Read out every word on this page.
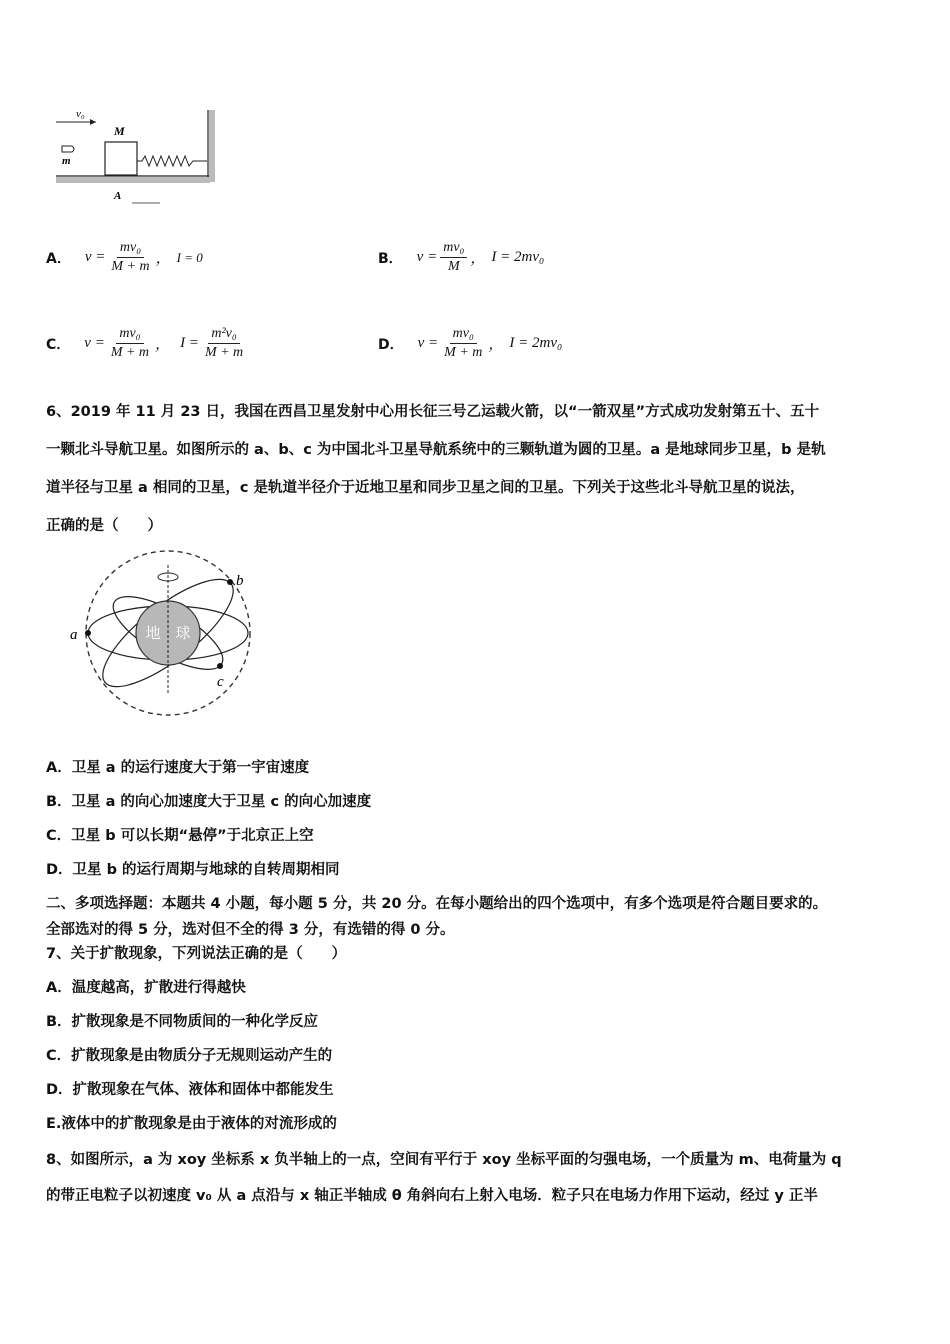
v₀
M
m
A
A． $v = \frac{\text{mv₀}}{M + m}$ ， I = 0	B． $v = \frac{\text{mv₀}}{M}$ ， I = 2mv₀
C． $v = \frac{\text{mv₀}}{M + m}$ ， $I = \frac{\text{m²v₀}}{M + m}$	D． $v = \frac{\text{mv₀}}{M + m}$ ， I = 2mv₀
6、2019 年 11 月 23 日，我国在西昌卫星发射中心用长征三号乙运载火箭，以“一箭双星”方式成功发射第五十、五十
一颗北斗导航卫星。如图所示的 a、b、c 为中国北斗卫星导航系统中的三颗轨道为圆的卫星。a 是地球同步卫星，b 是轨
道半径与卫星 a 相同的卫星，c 是轨道半径介于近地卫星和同步卫星之间的卫星。下列关于这些北斗导航卫星的说法，
正确的是（　　）
地　球
a
b
c
A．卫星 a 的运行速度大于第一宇宙速度
B．卫星 a 的向心加速度大于卫星 c 的向心加速度
C．卫星 b 可以长期“悬停”于北京正上空
D．卫星 b 的运行周期与地球的自转周期相同
二、多项选择题：本题共 4 小题，每小题 5 分，共 20 分。在每小题给出的四个选项中，有多个选项是符合题目要求的。
全部选对的得 5 分，选对但不全的得 3 分，有选错的得 0 分。
7、关于扩散现象，下列说法正确的是（　　）
A．温度越高，扩散进行得越快
B．扩散现象是不同物质间的一种化学反应
C．扩散现象是由物质分子无规则运动产生的
D．扩散现象在气体、液体和固体中都能发生
E.液体中的扩散现象是由于液体的对流形成的
8、如图所示，a 为 xoy 坐标系 x 负半轴上的一点，空间有平行于 xoy 坐标平面的匀强电场，一个质量为 m、电荷量为 q
的带正电粒子以初速度 v₀ 从 a 点沿与 x 轴正半轴成 θ 角斜向右上射入电场．粒子只在电场力作用下运动，经过 y 正半
